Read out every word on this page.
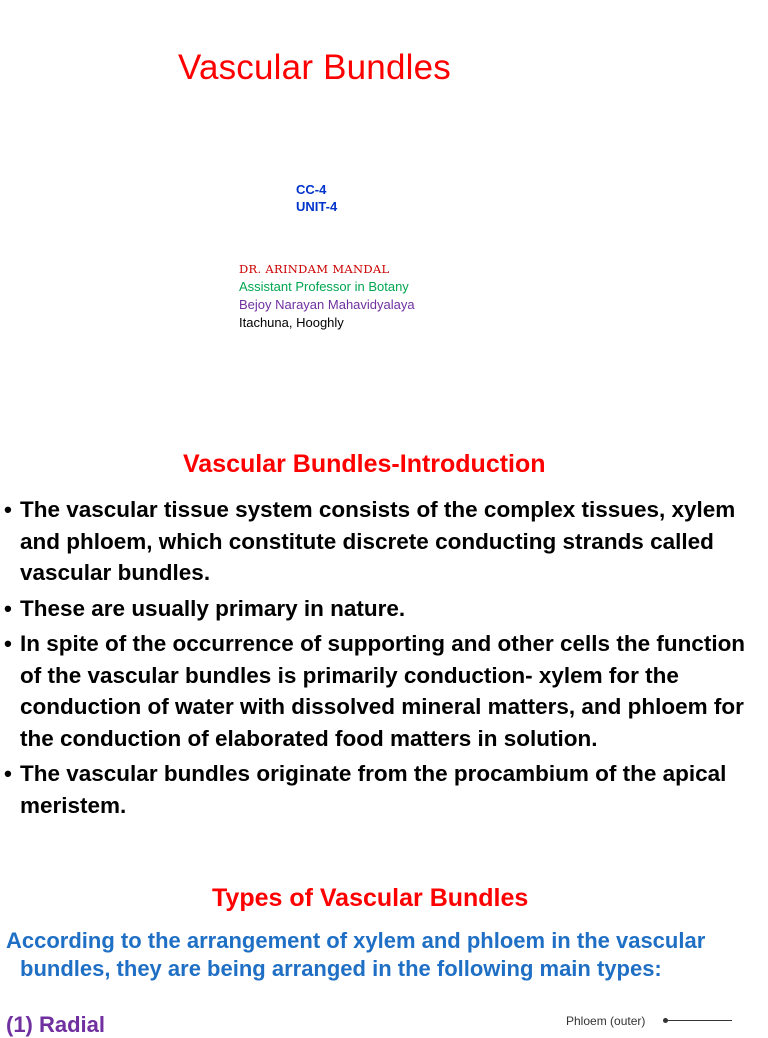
Vascular Bundles
CC-4
UNIT-4
DR. ARINDAM MANDAL
Assistant Professor in Botany
Bejoy Narayan Mahavidyalaya
Itachuna, Hooghly
Vascular Bundles-Introduction
• The vascular tissue system consists of the complex tissues, xylem and phloem, which constitute discrete conducting strands called vascular bundles.
• These are usually primary in nature.
• In spite of the occurrence of supporting and other cells the function of the vascular bundles is primarily conduction- xylem for the conduction of water with dissolved mineral matters, and phloem for the conduction of elaborated food matters in solution.
• The vascular bundles originate from the procambium of the apical meristem.
Types of Vascular Bundles

According to the arrangement of xylem and phloem in the vascular bundles, they are being arranged in the following main types:

(1) Radial	Phloem (outer)
